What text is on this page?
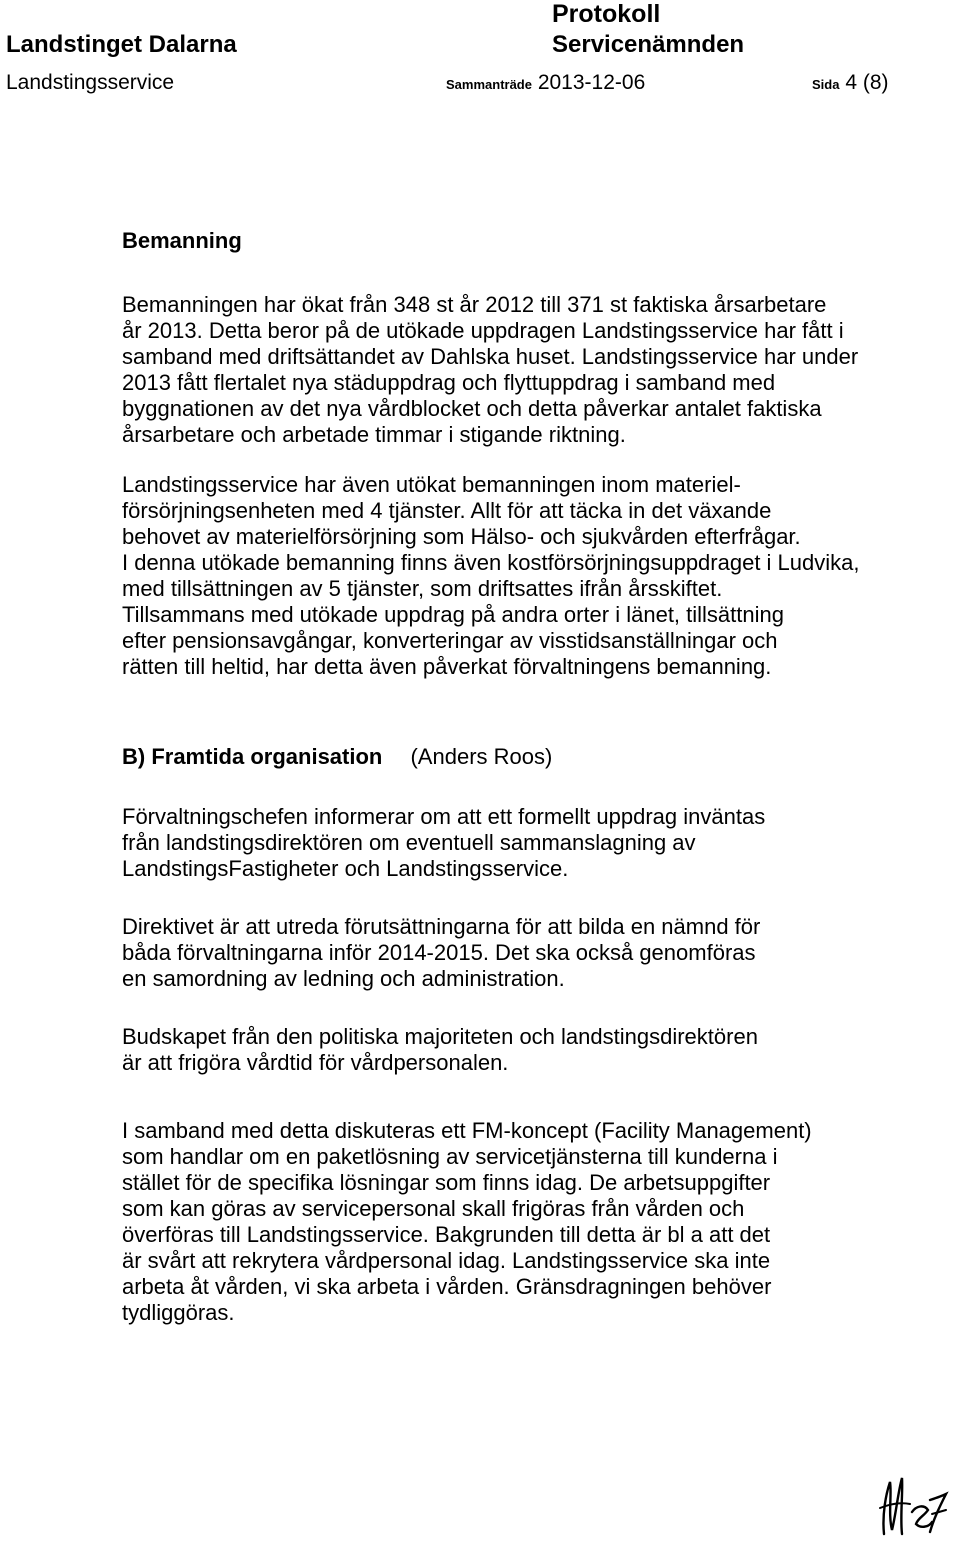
Protokoll
Landstinget Dalarna	Servicenämnden
Landstingsservice	Sammanträde 2013-12-06	Sida 4 (8)
Bemanning

Bemanningen har ökat från 348 st år 2012 till 371 st faktiska årsarbetare
år 2013. Detta beror på de utökade uppdragen Landstingsservice har fått i
samband med driftsättandet av Dahlska huset. Landstingsservice har under
2013 fått flertalet nya städuppdrag och flyttuppdrag i samband med
byggnationen av det nya vårdblocket och detta påverkar antalet faktiska
årsarbetare och arbetade timmar i stigande riktning.

Landstingsservice har även utökat bemanningen inom materiel-
försörjningsenheten med 4 tjänster. Allt för att täcka in det växande
behovet av materielförsörjning som Hälso- och sjukvården efterfrågar.
I denna utökade bemanning finns även kostförsörjningsuppdraget i Ludvika,
med tillsättningen av 5 tjänster, som driftsattes ifrån årsskiftet.
Tillsammans med utökade uppdrag på andra orter i länet, tillsättning
efter pensionsavgångar, konverteringar av visstidsanställningar och
rätten till heltid, har detta även påverkat förvaltningens bemanning.

B) Framtida organisation (Anders Roos)

Förvaltningschefen informerar om att ett formellt uppdrag inväntas
från landstingsdirektören om eventuell sammanslagning av
LandstingsFastigheter och Landstingsservice.

Direktivet är att utreda förutsättningarna för att bilda en nämnd för
båda förvaltningarna inför 2014-2015. Det ska också genomföras
en samordning av ledning och administration.

Budskapet från den politiska majoriteten och landstingsdirektören
är att frigöra vårdtid för vårdpersonalen.

I samband med detta diskuteras ett FM-koncept (Facility Management)
som handlar om en paketlösning av servicetjänsterna till kunderna i
stället för de specifika lösningar som finns idag. De arbetsuppgifter
som kan göras av servicepersonal skall frigöras från vården och
överföras till Landstingsservice. Bakgrunden till detta är bl a att det
är svårt att rekrytera vårdpersonal idag. Landstingsservice ska inte
arbeta åt vården, vi ska arbeta i vården. Gränsdragningen behöver
tydliggöras.
